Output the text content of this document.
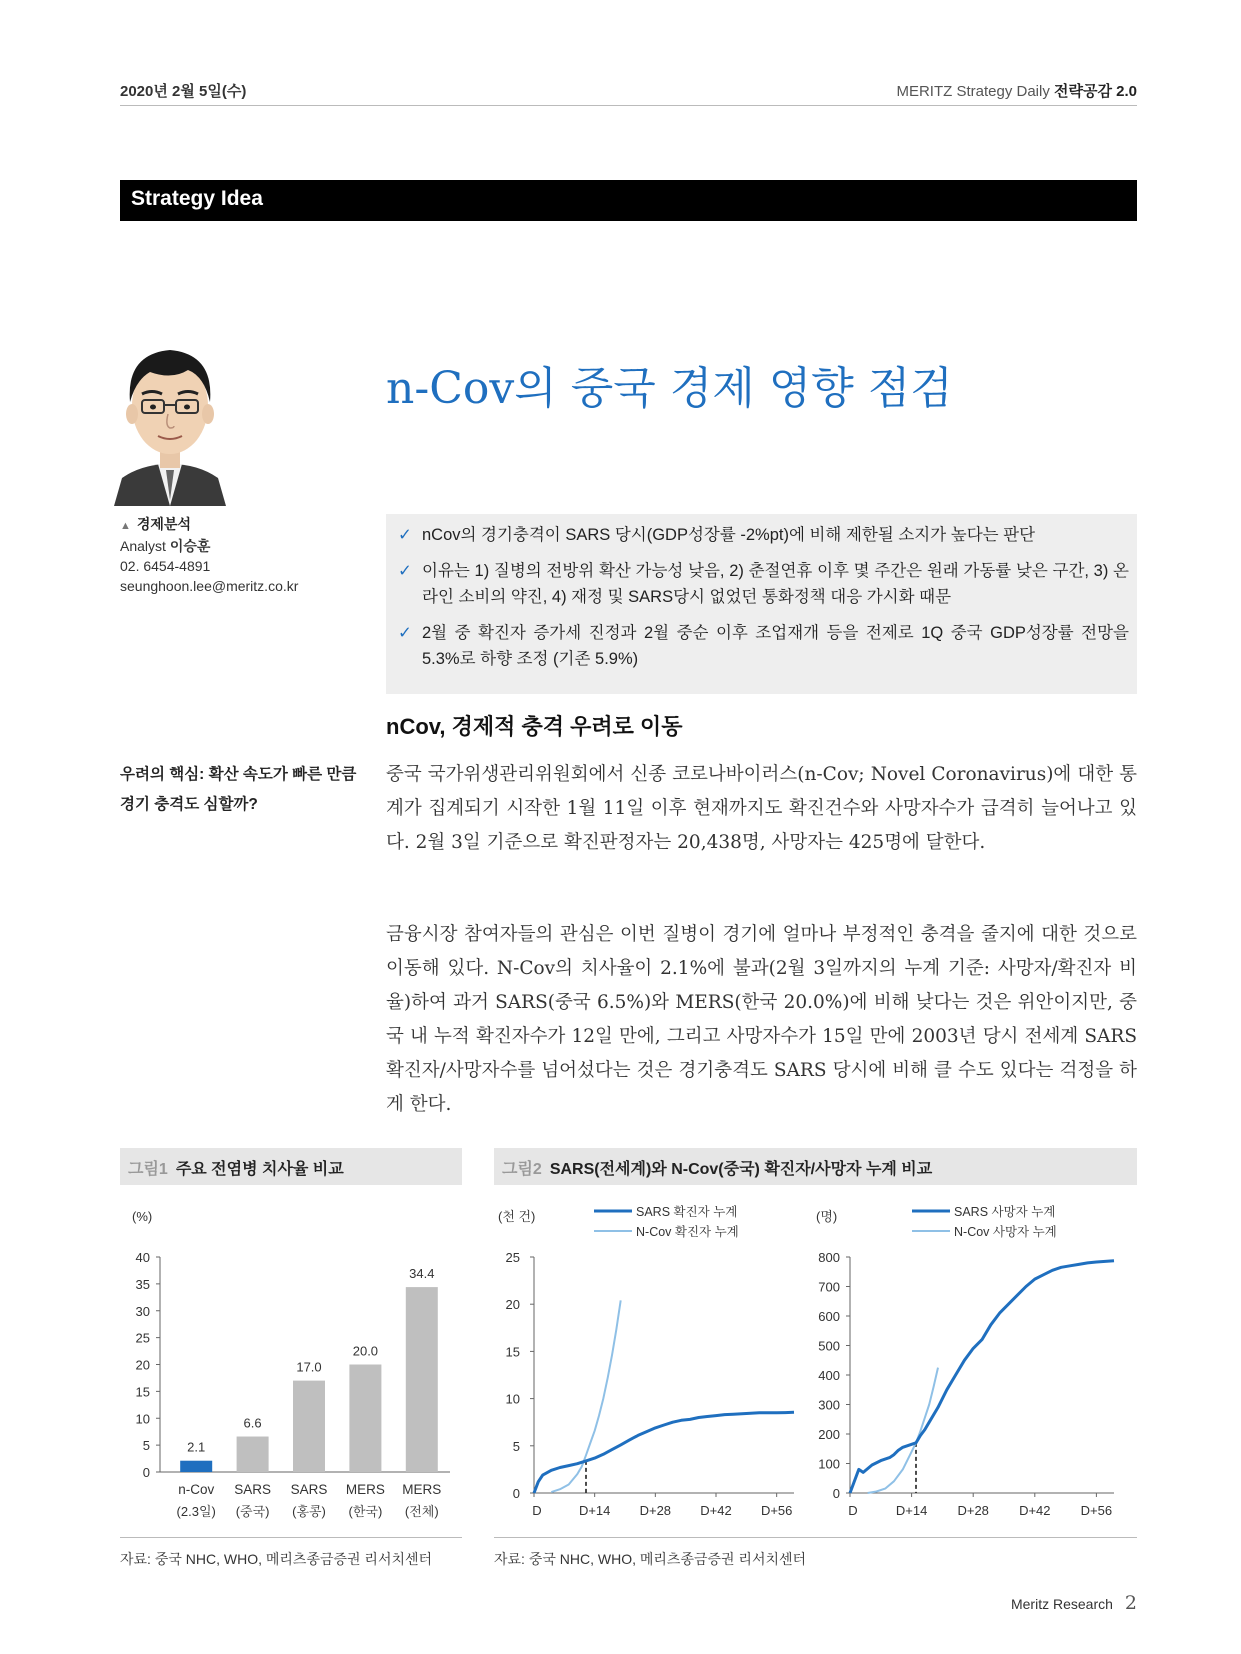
2020년 2월 5일(수)	MERITZ Strategy Daily 전략공감 2.0
Strategy Idea
n-Cov의 중국 경제 영향 점검
▲ 경제분석
Analyst 이승훈
02. 6454-4891
seunghoon.lee@meritz.co.kr
✓ nCov의 경기충격이 SARS 당시(GDP성장률 -2%pt)에 비해 제한될 소지가 높다는 판단
✓ 이유는 1) 질병의 전방위 확산 가능성 낮음, 2) 춘절연휴 이후 몇 주간은 원래 가동률 낮은 구간, 3) 온라인 소비의 약진, 4) 재정 및 SARS당시 없었던 통화정책 대응 가시화 때문
✓ 2월 중 확진자 증가세 진정과 2월 중순 이후 조업재개 등을 전제로 1Q 중국 GDP성장률 전망을 5.3%로 하향 조정 (기존 5.9%)
nCov, 경제적 충격 우려로 이동
우려의 핵심: 확산 속도가 빠른 만큼 경기 충격도 심할까?
중국 국가위생관리위원회에서 신종 코로나바이러스(n-Cov; Novel Coronavirus)에 대한 통계가 집계되기 시작한 1월 11일 이후 현재까지도 확진건수와 사망자수가 급격히 늘어나고 있다. 2월 3일 기준으로 확진판정자는 20,438명, 사망자는 425명에 달한다.
금융시장 참여자들의 관심은 이번 질병이 경기에 얼마나 부정적인 충격을 줄지에 대한 것으로 이동해 있다. N-Cov의 치사율이 2.1%에 불과(2월 3일까지의 누계 기준: 사망자/확진자 비율)하여 과거 SARS(중국 6.5%)와 MERS(한국 20.0%)에 비해 낮다는 것은 위안이지만, 중국 내 누적 확진자수가 12일 만에, 그리고 사망자수가 15일 만에 2003년 당시 전세계 SARS 확진자/사망자수를 넘어섰다는 것은 경기충격도 SARS 당시에 비해 클 수도 있다는 걱정을 하게 한다.
그림1 주요 전염병 치사율 비교	그림2 SARS(전세계)와 N-Cov(중국) 확진자/사망자 누계 비교
(%)
0
5
10
15
20
25
30
35
40
2.1
n-Cov
(2.3일)
6.6
SARS
(중국)
17.0
SARS
(홍콩)
20.0
MERS
(한국)
34.4
MERS
(전체)
(천 건)
0
5
10
15
20
25
D	D+14 D+28 D+42 D+56
SARS 확진자 누계
N-Cov 확진자 누계
(명)
0
100
200
300
400
500
600
700
800
D	D+14 D+28 D+42 D+56
SARS 사망자 누계
N-Cov 사망자 누계
자료: 중국 NHC, WHO, 메리츠종금증권 리서치센터	자료: 중국 NHC, WHO, 메리츠종금증권 리서치센터
Meritz Research 2
